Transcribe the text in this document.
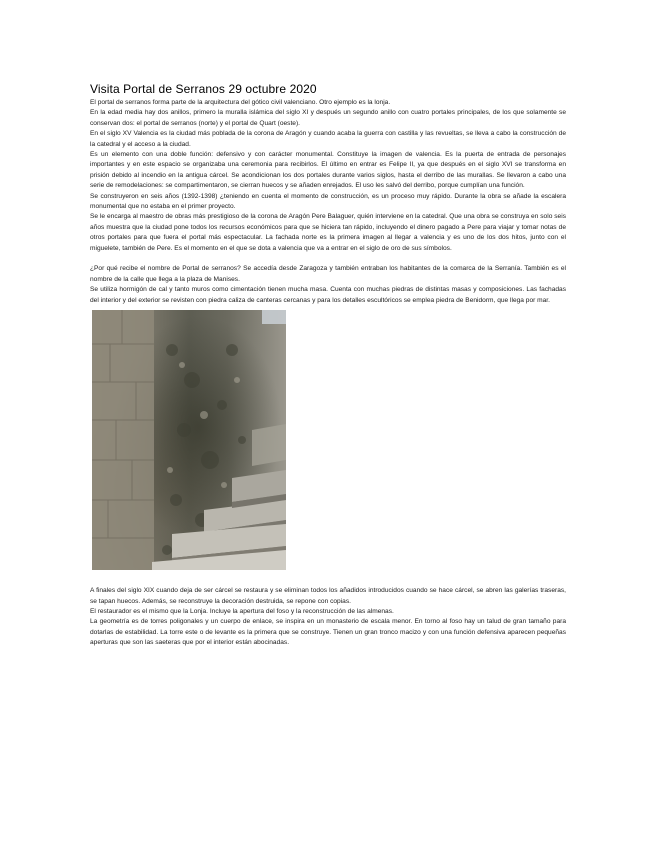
Visita Portal de Serranos 29 octubre 2020

El portal de serranos forma parte de la arquitectura del gótico civil valenciano. Otro ejemplo es la lonja.

En la edad media hay dos anillos, primero la muralla islámica del siglo XI y después un segundo anillo con cuatro portales principales, de los que solamente se conservan dos: el portal de serranos (norte) y el portal de Quart (oeste).

En el siglo XV Valencia es la ciudad más poblada de la corona de Aragón y cuando acaba la guerra con castilla y las revueltas, se lleva a cabo la construcción de la catedral y el acceso a la ciudad.

Es un elemento con una doble función: defensivo y con carácter monumental. Constituye la imagen de valencia. Es la puerta de entrada de personajes importantes y en este espacio se organizaba una ceremonia para recibirlos. El último en entrar es Felipe II, ya que después en el siglo XVI se transforma en prisión debido al incendio en la antigua cárcel. Se acondicionan los dos portales durante varios siglos, hasta el derribo de las murallas. Se llevaron a cabo una serie de remodelaciones: se compartimentaron, se cierran huecos y se añaden enrejados. El uso les salvó del derribo, porque cumplían una función.

Se construyeron en seis años (1392-1398) ¿teniendo en cuenta el momento de construcción, es un proceso muy rápido. Durante la obra se añade la escalera monumental que no estaba en el primer proyecto.

Se le encarga al maestro de obras más prestigioso de la corona de Aragón Pere Balaguer, quién interviene en la catedral. Que una obra se construya en solo seis años muestra que la ciudad pone todos los recursos económicos para que se hiciera tan rápido, incluyendo el dinero pagado a Pere para viajar y tomar notas de otros portales para que fuera el portal más espectacular. La fachada norte es la primera imagen al llegar a valencia y es uno de los dos hitos, junto con el miguelete, también de Pere. Es el momento en el que se dota a valencia que va a entrar en el siglo de oro de sus símbolos.

¿Por qué recibe el nombre de Portal de serranos? Se accedía desde Zaragoza y también entraban los habitantes de la comarca de la Serranía. También es el nombre de la calle que llega a la plaza de Manises.

Se utiliza hormigón de cal y tanto muros como cimentación tienen mucha masa. Cuenta con muchas piedras de distintas masas y composiciones. Las fachadas del interior y del exterior se revisten con piedra caliza de canteras cercanas y para los detalles escultóricos se emplea piedra de Benidorm, que llega por mar.

A finales del siglo XIX cuando deja de ser cárcel se restaura y se eliminan todos los añadidos introducidos cuando se hace cárcel, se abren las galerías traseras, se tapan huecos. Además, se reconstruye la decoración destruida, se repone con copias.

El restaurador es el mismo que la Lonja. Incluye la apertura del foso y la reconstrucción de las almenas.

La geometría es de torres poligonales y un cuerpo de enlace, se inspira en un monasterio de escala menor. En torno al foso hay un talud de gran tamaño para dotarlas de estabilidad. La torre este o de levante es la primera que se construye. Tienen un gran tronco macizo y con una función defensiva aparecen pequeñas aperturas que son las saeteras que por el interior están abocinadas.
